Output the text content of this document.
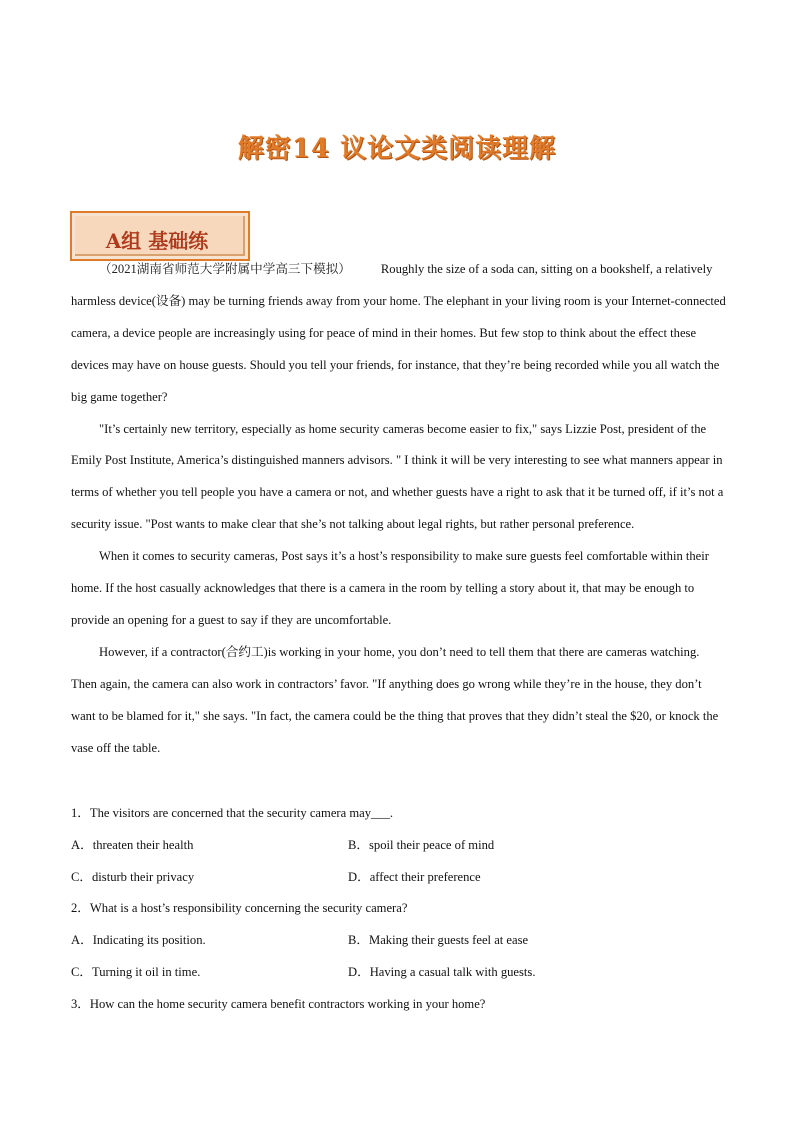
解密14 议论文类阅读理解
A组 基础练

（2021湖南省师范大学附属中学高三下模拟） Roughly the size of a soda can, sitting on a bookshelf, a relatively harmless device(设备) may be turning friends away from your home. The elephant in your living room is your Internet-connected camera, a device people are increasingly using for peace of mind in their homes. But few stop to think about the effect these devices may have on house guests. Should you tell your friends, for instance, that they’re being recorded while you all watch the big game together?

"It’s certainly new territory, especially as home security cameras become easier to fix," says Lizzie Post, president of the Emily Post Institute, America’s distinguished manners advisors. " I think it will be very interesting to see what manners appear in terms of whether you tell people you have a camera or not, and whether guests have a right to ask that it be turned off, if it’s not a security issue. "Post wants to make clear that she’s not talking about legal rights, but rather personal preference.

When it comes to security cameras, Post says it’s a host’s responsibility to make sure guests feel comfortable within their home. If the host casually acknowledges that there is a camera in the room by telling a story about it, that may be enough to provide an opening for a guest to say if they are uncomfortable.

However, if a contractor(合约工)is working in your home, you don’t need to tell them that there are cameras watching. Then again, the camera can also work in contractors’ favor. "If anything does go wrong while they’re in the house, they don’t want to be blamed for it," she says. "In fact, the camera could be the thing that proves that they didn’t steal the $20, or knock the vase off the table.

1．The visitors are concerned that the security camera may___.
A．threaten their health	B．spoil their peace of mind
C．disturb their privacy	D．affect their preference
2．What is a host’s responsibility concerning the security camera?
A．Indicating its position.	B．Making their guests feel at ease
C．Turning it oil in time.	D．Having a casual talk with guests.
3．How can the home security camera benefit contractors working in your home?
